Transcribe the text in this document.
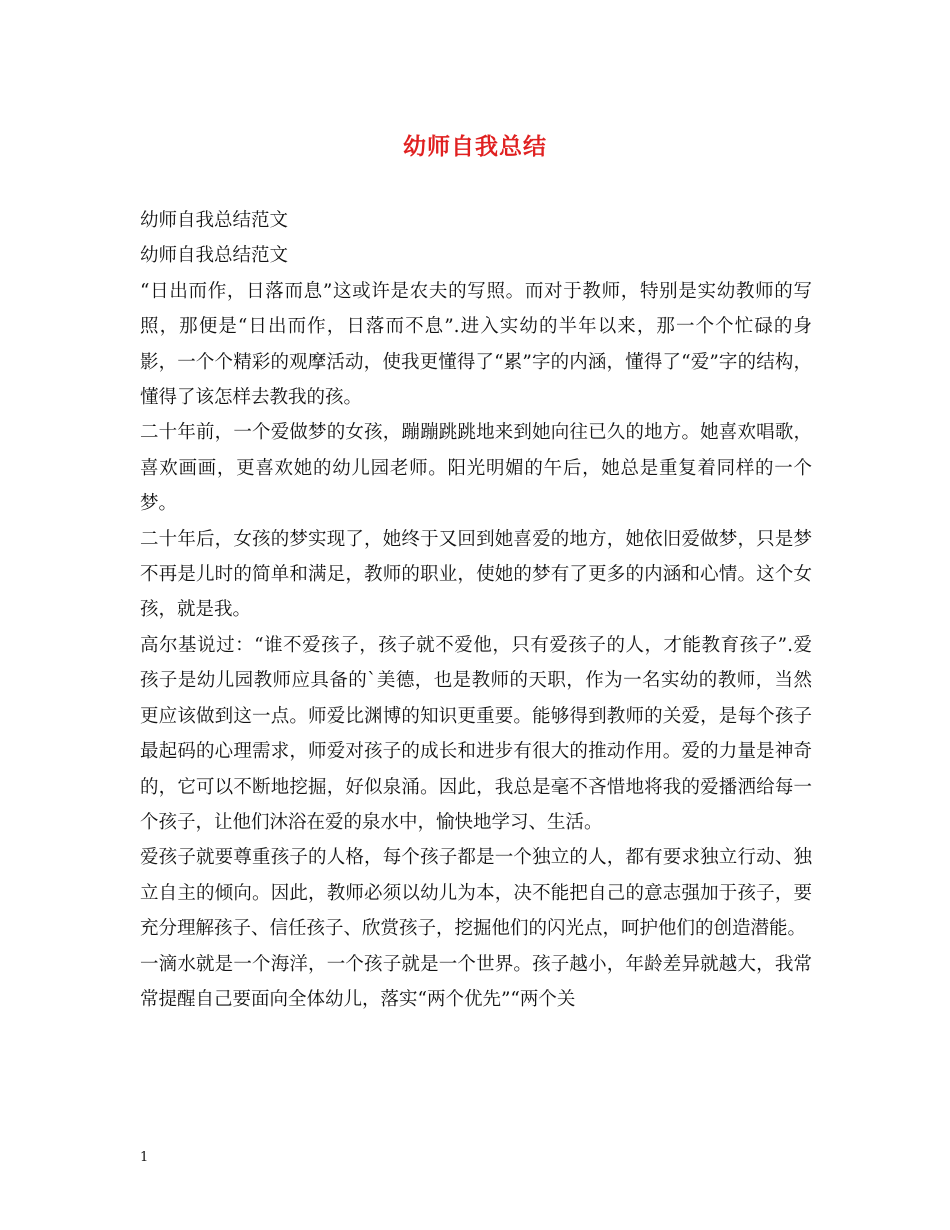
幼师自我总结

幼师自我总结范文

幼师自我总结范文

“日出而作，日落而息”这或许是农夫的写照。而对于教师，特别是实幼教师的写照，那便是“日出而作，日落而不息”.进入实幼的半年以来，那一个个忙碌的身影，一个个精彩的观摩活动，使我更懂得了“累”字的内涵，懂得了“爱”字的结构，懂得了该怎样去教我的孩。

二十年前，一个爱做梦的女孩，蹦蹦跳跳地来到她向往已久的地方。她喜欢唱歌，喜欢画画，更喜欢她的幼儿园老师。阳光明媚的午后，她总是重复着同样的一个梦。

二十年后，女孩的梦实现了，她终于又回到她喜爱的地方，她依旧爱做梦，只是梦不再是儿时的简单和满足，教师的职业，使她的梦有了更多的内涵和心情。这个女孩，就是我。

高尔基说过：“谁不爱孩子，孩子就不爱他，只有爱孩子的人，才能教育孩子”.爱孩子是幼儿园教师应具备的`美德，也是教师的天职，作为一名实幼的教师，当然更应该做到这一点。师爱比渊博的知识更重要。能够得到教师的关爱，是每个孩子最起码的心理需求，师爱对孩子的成长和进步有很大的推动作用。爱的力量是神奇的，它可以不断地挖掘，好似泉涌。因此，我总是毫不吝惜地将我的爱播洒给每一个孩子，让他们沐浴在爱的泉水中，愉快地学习、生活。

爱孩子就要尊重孩子的人格，每个孩子都是一个独立的人，都有要求独立行动、独立自主的倾向。因此，教师必须以幼儿为本，决不能把自己的意志强加于孩子，要充分理解孩子、信任孩子、欣赏孩子，挖掘他们的闪光点，呵护他们的创造潜能。

一滴水就是一个海洋，一个孩子就是一个世界。孩子越小，年龄差异就越大，我常常提醒自己要面向全体幼儿，落实“两个优先”“两个关

1
